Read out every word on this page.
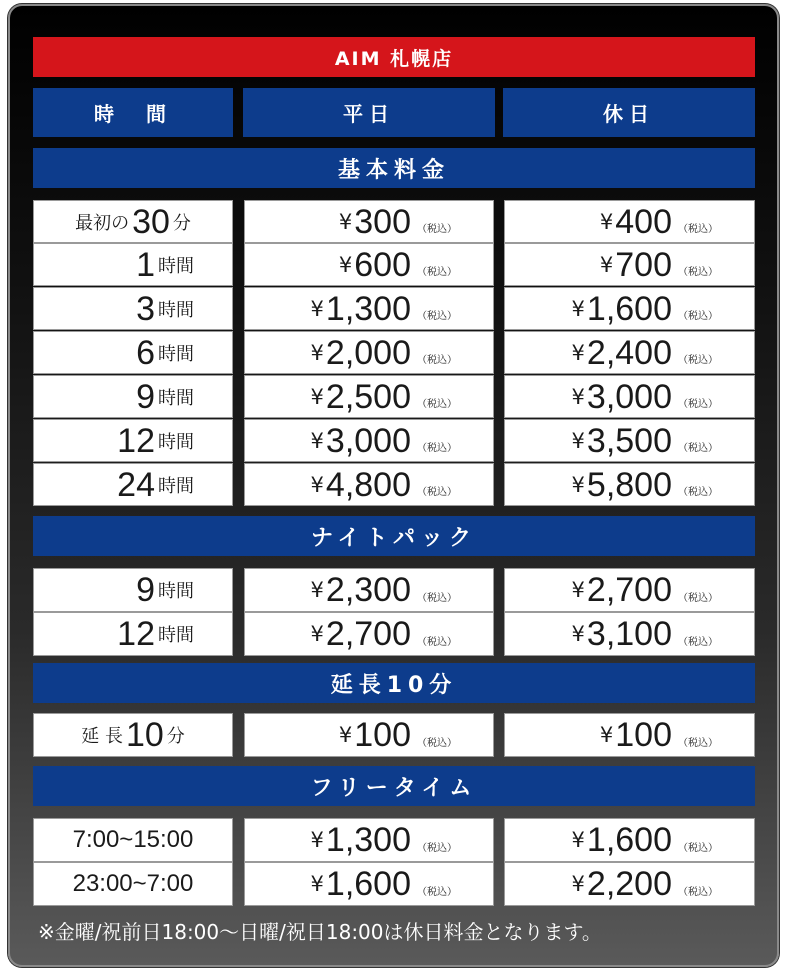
AIM 札幌店
時　間	平日	休日
基本料金
ナイトパック
延長10分
フリータイム
※金曜/祝前日18:00～日曜/祝日18:00は休日料金となります。
最初の 30 分	¥ 300 （税込）	¥ 400 （税込）
1 時間	¥ 600 （税込）	¥ 700 （税込）
3 時間	¥ 1,300 （税込）	¥ 1,600 （税込）
6 時間	¥ 2,000 （税込）	¥ 2,400 （税込）
9 時間	¥ 2,500 （税込）	¥ 3,000 （税込）
12 時間	¥ 3,000 （税込）	¥ 3,500 （税込）
24 時間	¥ 4,800 （税込）	¥ 5,800 （税込）
9 時間	¥ 2,300 （税込）	¥ 2,700 （税込）
12 時間	¥ 2,700 （税込）	¥ 3,100 （税込）
延 長 10 分	¥ 100 （税込）	¥ 100 （税込）
7:00~15:00	¥ 1,300 （税込）	¥ 1,600 （税込）
23:00~7:00	¥ 1,600 （税込）	¥ 2,200 （税込）
